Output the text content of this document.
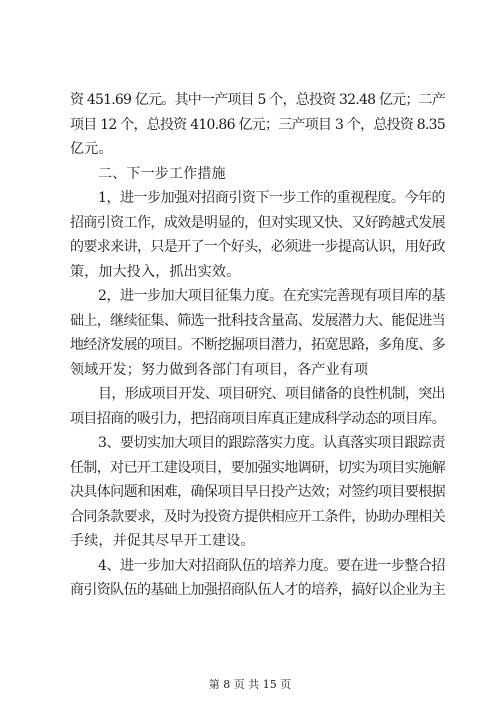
资 451.69 亿元。其中一产项目 5 个，总投资 32.48 亿元；二产
项目 12 个，总投资 410.86 亿元；三产项目 3 个，总投资 8.35
亿元。
二、下一步工作措施
1，进一步加强对招商引资下一步工作的重视程度。今年的
招商引资工作，成效是明显的，但对实现又快、又好跨越式发展
的要求来讲，只是开了一个好头，必须进一步提高认识，用好政
策，加大投入，抓出实效。
2，进一步加大项目征集力度。在充实完善现有项目库的基
础上，继续征集、筛选一批科技含量高、发展潜力大、能促进当
地经济发展的项目。不断挖掘项目潜力，拓宽思路，多角度、多
领域开发；努力做到各部门有项目，各产业有项
目，形成项目开发、项目研究、项目储备的良性机制，突出
项目招商的吸引力，把招商项目库真正建成科学动态的项目库。
3、要切实加大项目的跟踪落实力度。认真落实项目跟踪责
任制，对已开工建设项目，要加强实地调研，切实为项目实施解
决具体问题和困难，确保项目早日投产达效；对签约项目要根据
合同条款要求，及时为投资方提供相应开工条件，协助办理相关
手续，并促其尽早开工建设。
4、进一步加大对招商队伍的培养力度。要在进一步整合招
商引资队伍的基础上加强招商队伍人才的培养，搞好以企业为主
第 8 页 共 15 页
